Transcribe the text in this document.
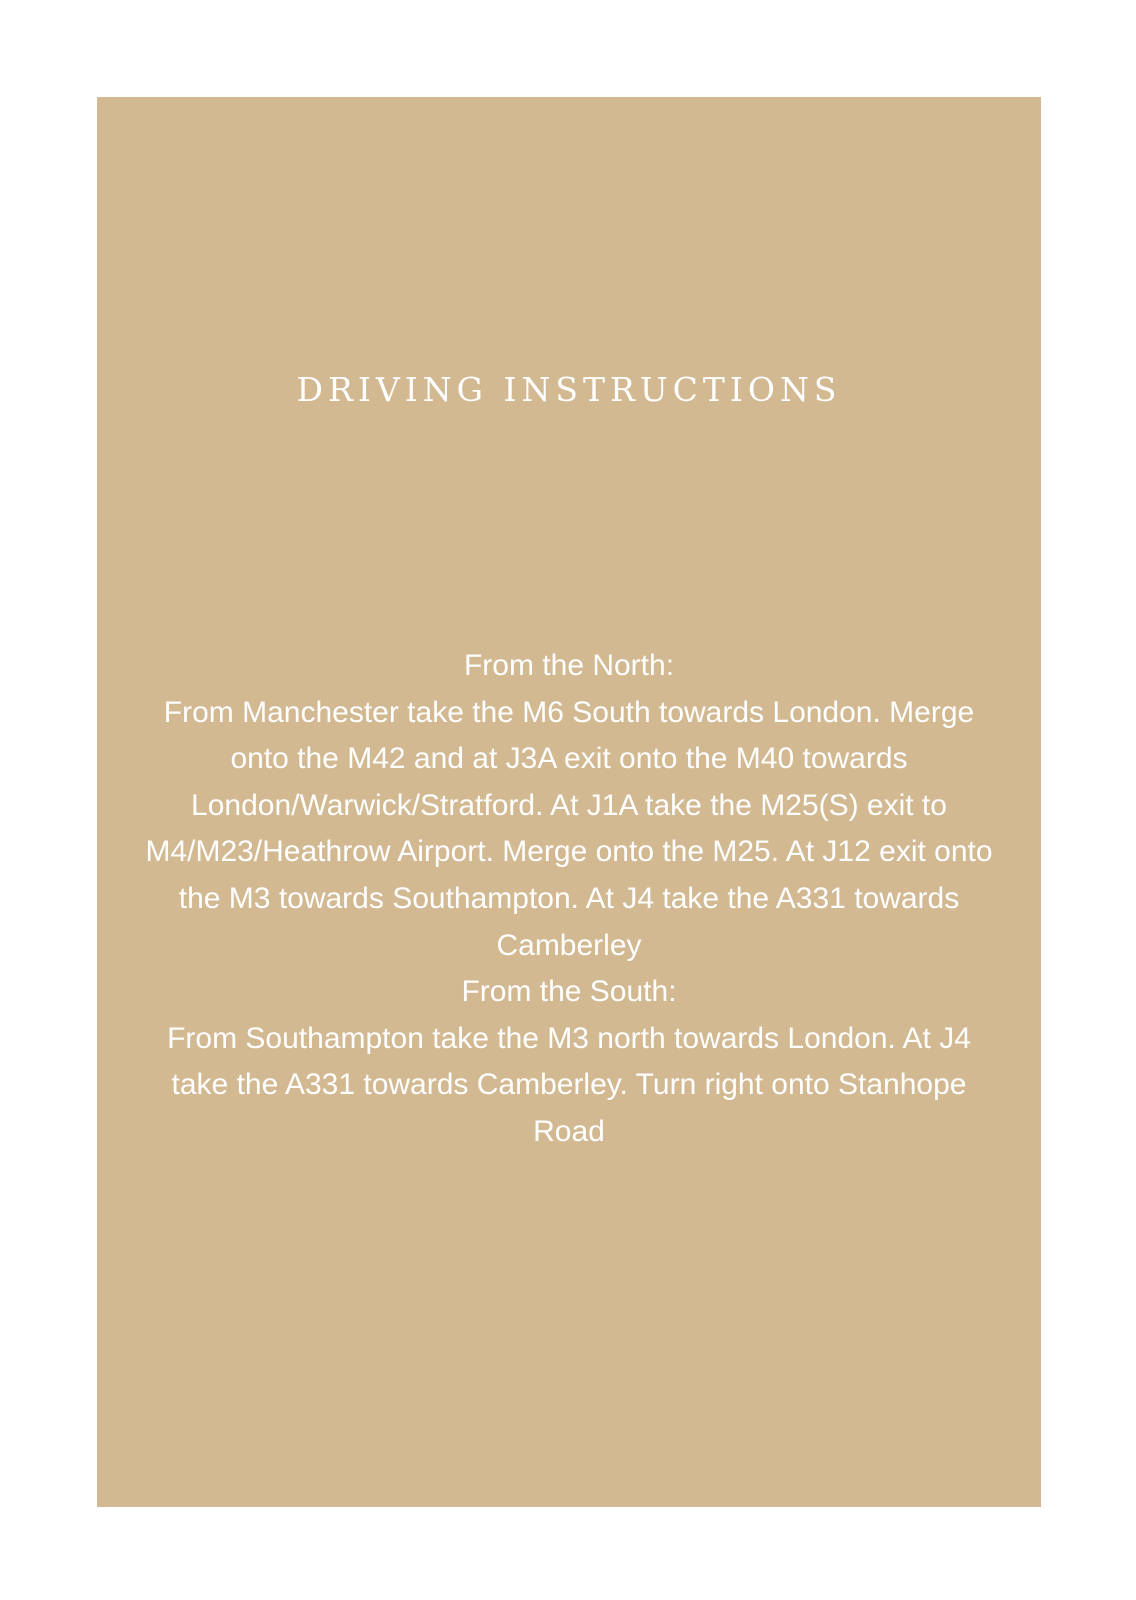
DRIVING INSTRUCTIONS

From the North:

From Manchester take the M6 South towards London. Merge onto the M42 and at J3A exit onto the M40 towards London/Warwick/Stratford. At J1A take the M25(S) exit to M4/M23/Heathrow Airport. Merge onto the M25. At J12 exit onto the M3 towards Southampton. At J4 take the A331 towards Camberley

From the South:

From Southampton take the M3 north towards London. At J4 take the A331 towards Camberley. Turn right onto Stanhope Road
